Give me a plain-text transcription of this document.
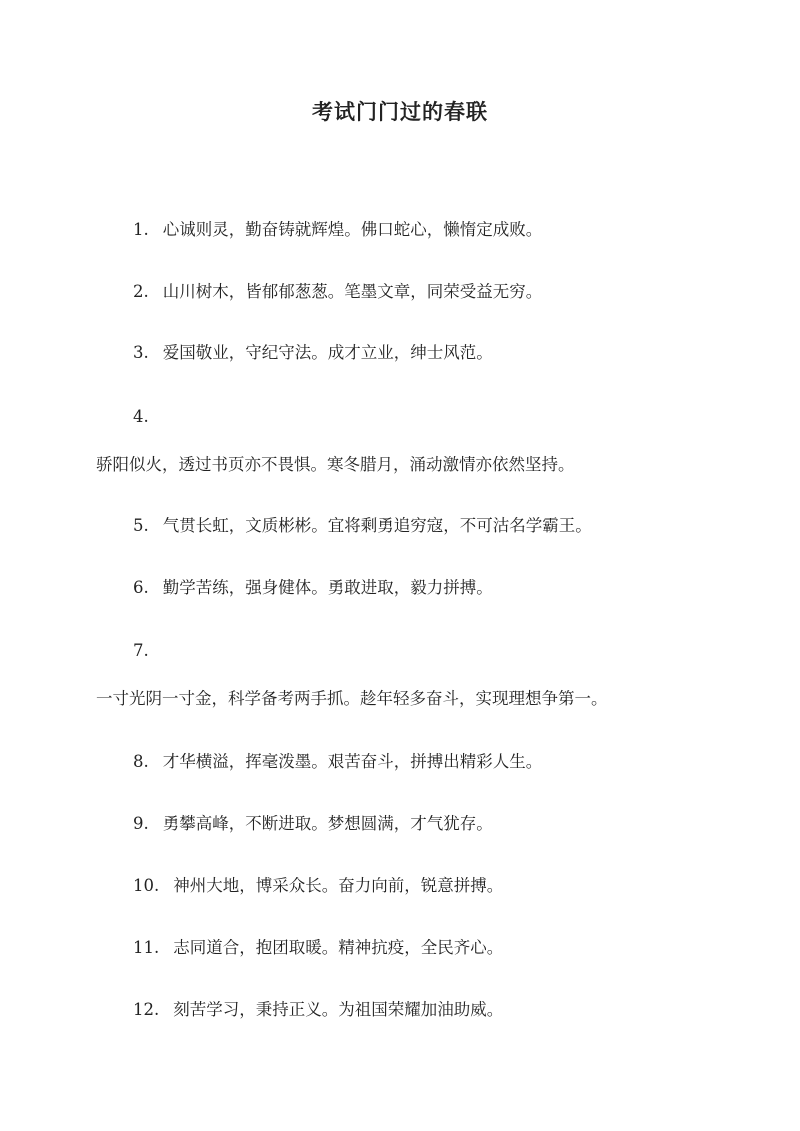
考试门门过的春联
1. 心诚则灵，勤奋铸就辉煌。佛口蛇心，懒惰定成败。
2. 山川树木，皆郁郁葱葱。笔墨文章，同荣受益无穷。
3. 爱国敬业，守纪守法。成才立业，绅士风范。
4.
骄阳似火，透过书页亦不畏惧。寒冬腊月，涌动激情亦依然坚持。
5. 气贯长虹，文质彬彬。宜将剩勇追穷寇，不可沽名学霸王。
6. 勤学苦练，强身健体。勇敢进取，毅力拼搏。
7.
一寸光阴一寸金，科学备考两手抓。趁年轻多奋斗，实现理想争第一。
8. 才华横溢，挥毫泼墨。艰苦奋斗，拼搏出精彩人生。
9. 勇攀高峰，不断进取。梦想圆满，才气犹存。
10. 神州大地，博采众长。奋力向前，锐意拼搏。
11. 志同道合，抱团取暖。精神抗疫，全民齐心。
12. 刻苦学习，秉持正义。为祖国荣耀加油助威。
